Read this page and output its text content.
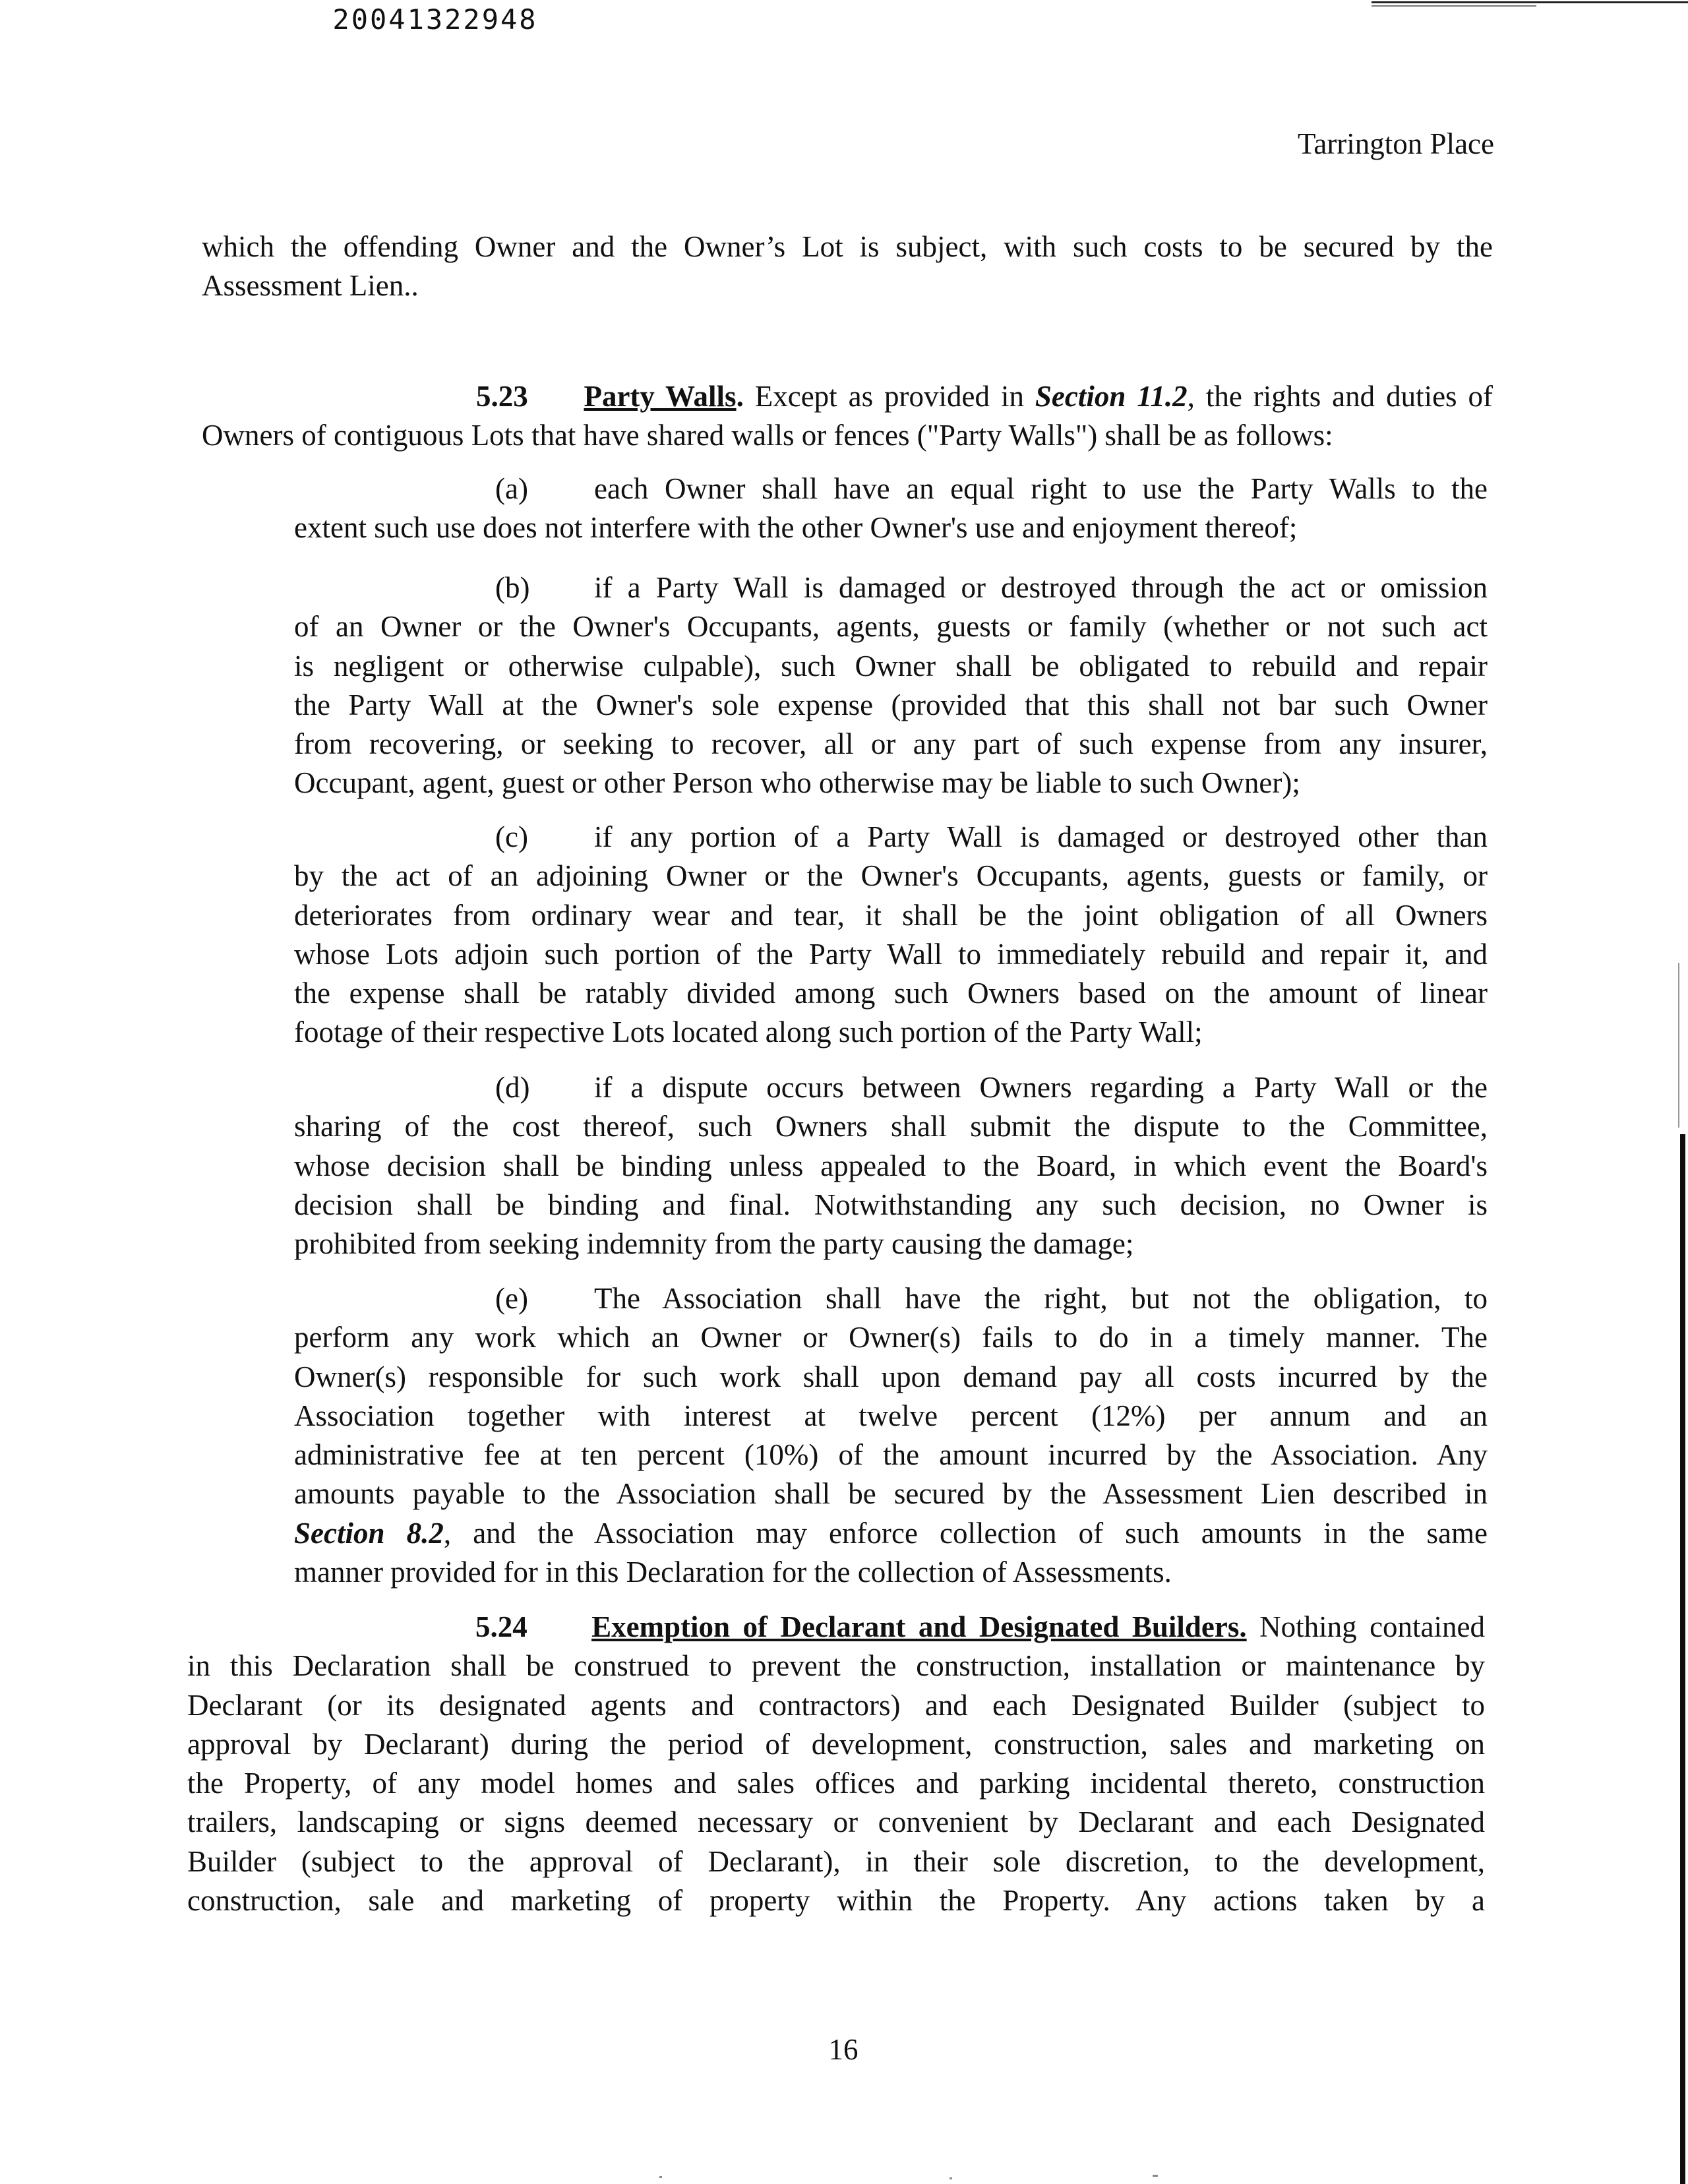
20041322948
Tarrington Place
which the offending Owner and the Owner’s Lot is subject, with such costs to be secured by the
Assessment Lien..
5.23 Party Walls. Except as provided in Section 11.2, the rights and duties of
Owners of contiguous Lots that have shared walls or fences ("Party Walls") shall be as follows:
(a) each Owner shall have an equal right to use the Party Walls to the
extent such use does not interfere with the other Owner's use and enjoyment thereof;
(b) if a Party Wall is damaged or destroyed through the act or omission
of an Owner or the Owner's Occupants, agents, guests or family (whether or not such act
is negligent or otherwise culpable), such Owner shall be obligated to rebuild and repair
the Party Wall at the Owner's sole expense (provided that this shall not bar such Owner
from recovering, or seeking to recover, all or any part of such expense from any insurer,
Occupant, agent, guest or other Person who otherwise may be liable to such Owner);
(c) if any portion of a Party Wall is damaged or destroyed other than
by the act of an adjoining Owner or the Owner's Occupants, agents, guests or family, or
deteriorates from ordinary wear and tear, it shall be the joint obligation of all Owners
whose Lots adjoin such portion of the Party Wall to immediately rebuild and repair it, and
the expense shall be ratably divided among such Owners based on the amount of linear
footage of their respective Lots located along such portion of the Party Wall;
(d) if a dispute occurs between Owners regarding a Party Wall or the
sharing of the cost thereof, such Owners shall submit the dispute to the Committee,
whose decision shall be binding unless appealed to the Board, in which event the Board's
decision shall be binding and final. Notwithstanding any such decision, no Owner is
prohibited from seeking indemnity from the party causing the damage;
(e) The Association shall have the right, but not the obligation, to
perform any work which an Owner or Owner(s) fails to do in a timely manner. The
Owner(s) responsible for such work shall upon demand pay all costs incurred by the
Association together with interest at twelve percent (12%) per annum and an
administrative fee at ten percent (10%) of the amount incurred by the Association. Any
amounts payable to the Association shall be secured by the Assessment Lien described in
Section 8.2, and the Association may enforce collection of such amounts in the same
manner provided for in this Declaration for the collection of Assessments.
5.24 Exemption of Declarant and Designated Builders. Nothing contained
in this Declaration shall be construed to prevent the construction, installation or maintenance by
Declarant (or its designated agents and contractors) and each Designated Builder (subject to
approval by Declarant) during the period of development, construction, sales and marketing on
the Property, of any model homes and sales offices and parking incidental thereto, construction
trailers, landscaping or signs deemed necessary or convenient by Declarant and each Designated
Builder (subject to the approval of Declarant), in their sole discretion, to the development,
construction, sale and marketing of property within the Property. Any actions taken by a
16
